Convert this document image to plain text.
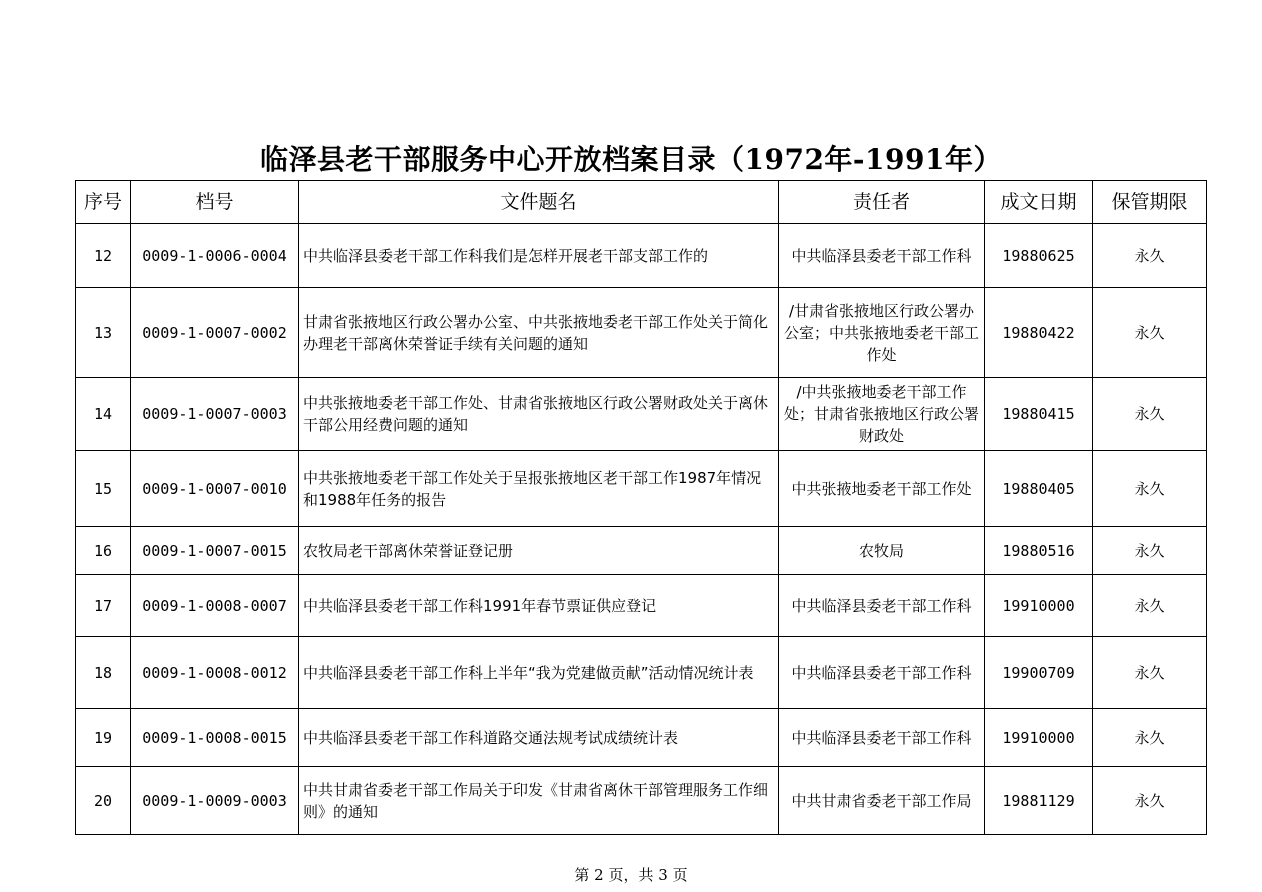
临泽县老干部服务中心开放档案目录（1972年-1991年）
序号	档号	文件题名	责任者	成文日期	保管期限
12	0009-1-0006-0004	中共临泽县委老干部工作科我们是怎样开展老干部支部工作的	中共临泽县委老干部工作科	19880625	永久
13	0009-1-0007-0002	甘肃省张掖地区行政公署办公室、中共张掖地委老干部工作处关于简化办理老干部离休荣誉证手续有关问题的通知	/甘肃省张掖地区行政公署办公室；中共张掖地委老干部工作处	19880422	永久
14	0009-1-0007-0003	中共张掖地委老干部工作处、甘肃省张掖地区行政公署财政处关于离休干部公用经费问题的通知	/中共张掖地委老干部工作处；甘肃省张掖地区行政公署财政处	19880415	永久
15	0009-1-0007-0010	中共张掖地委老干部工作处关于呈报张掖地区老干部工作1987年情况和1988年任务的报告	中共张掖地委老干部工作处	19880405	永久
16	0009-1-0007-0015	农牧局老干部离休荣誉证登记册	农牧局	19880516	永久
17	0009-1-0008-0007	中共临泽县委老干部工作科1991年春节票证供应登记	中共临泽县委老干部工作科	19910000	永久
18	0009-1-0008-0012	中共临泽县委老干部工作科上半年“我为党建做贡献”活动情况统计表	中共临泽县委老干部工作科	19900709	永久
19	0009-1-0008-0015	中共临泽县委老干部工作科道路交通法规考试成绩统计表	中共临泽县委老干部工作科	19910000	永久
20	0009-1-0009-0003	中共甘肃省委老干部工作局关于印发《甘肃省离休干部管理服务工作细则》的通知	中共甘肃省委老干部工作局	19881129	永久
第 2 页，共 3 页
